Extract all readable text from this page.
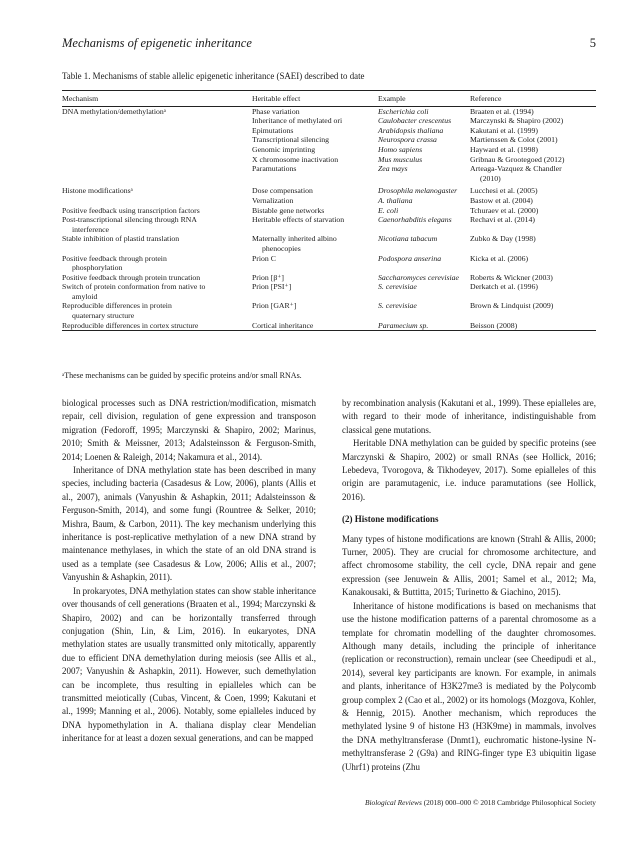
Mechanisms of epigenetic inheritance	5
Table 1. Mechanisms of stable allelic epigenetic inheritance (SAEI) described to date
Mechanism	Heritable effect	Example	Reference
DNA methylation/demethylationᵃ	Phase variation	Escherichia coli	Braaten et al. (1994)
	Inheritance of methylated ori	Caulobacter crescentus	Marczynski & Shapiro (2002)
	Epimutations	Arabidopsis thaliana	Kakutani et al. (1999)
	Transcriptional silencing	Neurospora crassa	Martienssen & Colot (2001)
	Genomic imprinting	Homo sapiens	Hayward et al. (1998)
	X chromosome inactivation	Mus musculus	Gribnau & Grootegoed (2012)
	Paramutations	Zea mays	Arteaga-Vazquez & Chandler
(2010)

Histone modificationsᵃ	Dose compensation	Drosophila melanogaster	Lucchesi et al. (2005)
	Vernalization	A. thaliana	Bastow et al. (2004)
Positive feedback using transcription factors	Bistable gene networks	E. coli	Tchuraev et al. (2000)
Post-transcriptional silencing through RNA
interference	Heritable effects of starvation	Caenorhabditis elegans	Rechavi et al. (2014)
Stable inhibition of plastid translation	Maternally inherited albino
phenocopies	Nicotiana tabacum	Zubko & Day (1998)
Positive feedback through protein
phosphorylation	Prion C	Podospora anserina	Kicka et al. (2006)
Positive feedback through protein truncation	Prion [β⁺]	Saccharomyces cerevisiae	Roberts & Wickner (2003)
Switch of protein conformation from native to
amyloid	Prion [PSI⁺]	S. cerevisiae	Derkatch et al. (1996)
Reproducible differences in protein
quaternary structure	Prion [GAR⁺]	S. cerevisiae	Brown & Lindquist (2009)
Reproducible differences in cortex structure	Cortical inheritance	Paramecium sp.	Beisson (2008)
ᵃThese mechanisms can be guided by specific proteins and/or small RNAs.

biological processes such as DNA restriction/modification, mismatch repair, cell division, regulation of gene expression and transposon migration (Fedoroff, 1995; Marczynski & Shapiro, 2002; Marinus, 2010; Smith & Meissner, 2013; Adalsteinsson & Ferguson-Smith, 2014; Loenen & Raleigh, 2014; Nakamura et al., 2014).

Inheritance of DNA methylation state has been described in many species, including bacteria (Casadesus & Low, 2006), plants (Allis et al., 2007), animals (Vanyushin & Ashapkin, 2011; Adalsteinsson & Ferguson-Smith, 2014), and some fungi (Rountree & Selker, 2010; Mishra, Baum, & Carbon, 2011). The key mechanism underlying this inheritance is post-replicative methylation of a new DNA strand by maintenance methylases, in which the state of an old DNA strand is used as a template (see Casadesus & Low, 2006; Allis et al., 2007; Vanyushin & Ashapkin, 2011).

In prokaryotes, DNA methylation states can show stable inheritance over thousands of cell generations (Braaten et al., 1994; Marczynski & Shapiro, 2002) and can be horizontally transferred through conjugation (Shin, Lin, & Lim, 2016). In eukaryotes, DNA methylation states are usually transmitted only mitotically, apparently due to efficient DNA demethylation during meiosis (see Allis et al., 2007; Vanyushin & Ashapkin, 2011). However, such demethylation can be incomplete, thus resulting in epialleles which can be transmitted meiotically (Cubas, Vincent, & Coen, 1999; Kakutani et al., 1999; Manning et al., 2006). Notably, some epialleles induced by DNA hypomethylation in A. thaliana display clear Mendelian inheritance for at least a dozen sexual generations, and can be mapped

by recombination analysis (Kakutani et al., 1999). These epialleles are, with regard to their mode of inheritance, indistinguishable from classical gene mutations.

Heritable DNA methylation can be guided by specific proteins (see Marczynski & Shapiro, 2002) or small RNAs (see Hollick, 2016; Lebedeva, Tvorogova, & Tikhodeyev, 2017). Some epialleles of this origin are paramutagenic, i.e. induce paramutations (see Hollick, 2016).

(2) Histone modifications

Many types of histone modifications are known (Strahl & Allis, 2000; Turner, 2005). They are crucial for chromosome architecture, and affect chromosome stability, the cell cycle, DNA repair and gene expression (see Jenuwein & Allis, 2001; Samel et al., 2012; Ma, Kanakousaki, & Buttitta, 2015; Turinetto & Giachino, 2015).

Inheritance of histone modifications is based on mechanisms that use the histone modification patterns of a parental chromosome as a template for chromatin modelling of the daughter chromosomes. Although many details, including the principle of inheritance (replication or reconstruction), remain unclear (see Cheedipudi et al., 2014), several key participants are known. For example, in animals and plants, inheritance of H3K27me3 is mediated by the Polycomb group complex 2 (Cao et al., 2002) or its homologs (Mozgova, Kohler, & Hennig, 2015). Another mechanism, which reproduces the methylated lysine 9 of histone H3 (H3K9me) in mammals, involves the DNA methyltransferase (Dnmt1), euchromatic histone-lysine N-methyltransferase 2 (G9a) and RING-finger type E3 ubiquitin ligase (Uhrf1) proteins (Zhu

Biological Reviews (2018) 000–000 © 2018 Cambridge Philosophical Society
